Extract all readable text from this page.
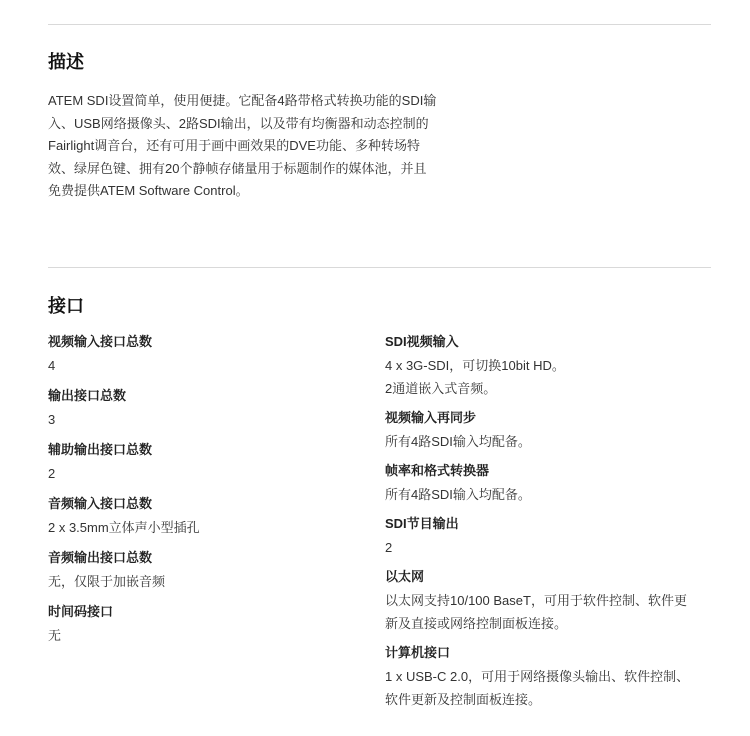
描述

ATEM SDI设置简单，使用便捷。它配备4路带格式转换功能的SDI输
入、USB网络摄像头、2路SDI输出，以及带有均衡器和动态控制的
Fairlight调音台，还有可用于画中画效果的DVE功能、多种转场特
效、绿屏色键、拥有20个静帧存储量用于标题制作的媒体池，并且
免费提供ATEM Software Control。

接口
视频输入接口总数
4
输出接口总数
3
辅助输出接口总数
2
音频输入接口总数
2 x 3.5mm立体声小型插孔
音频输出接口总数
无，仅限于加嵌音频
时间码接口
无
SDI视频输入
4 x 3G-SDI，可切换10bit HD。
2通道嵌入式音频。
视频输入再同步
所有4路SDI输入均配备。
帧率和格式转换器
所有4路SDI输入均配备。
SDI节目输出
2
以太网
以太网支持10/100 BaseT，可用于软件控制、软件更
新及直接或网络控制面板连接。
计算机接口
1 x USB-C 2.0，可用于网络摄像头输出、软件控制、
软件更新及控制面板连接。
